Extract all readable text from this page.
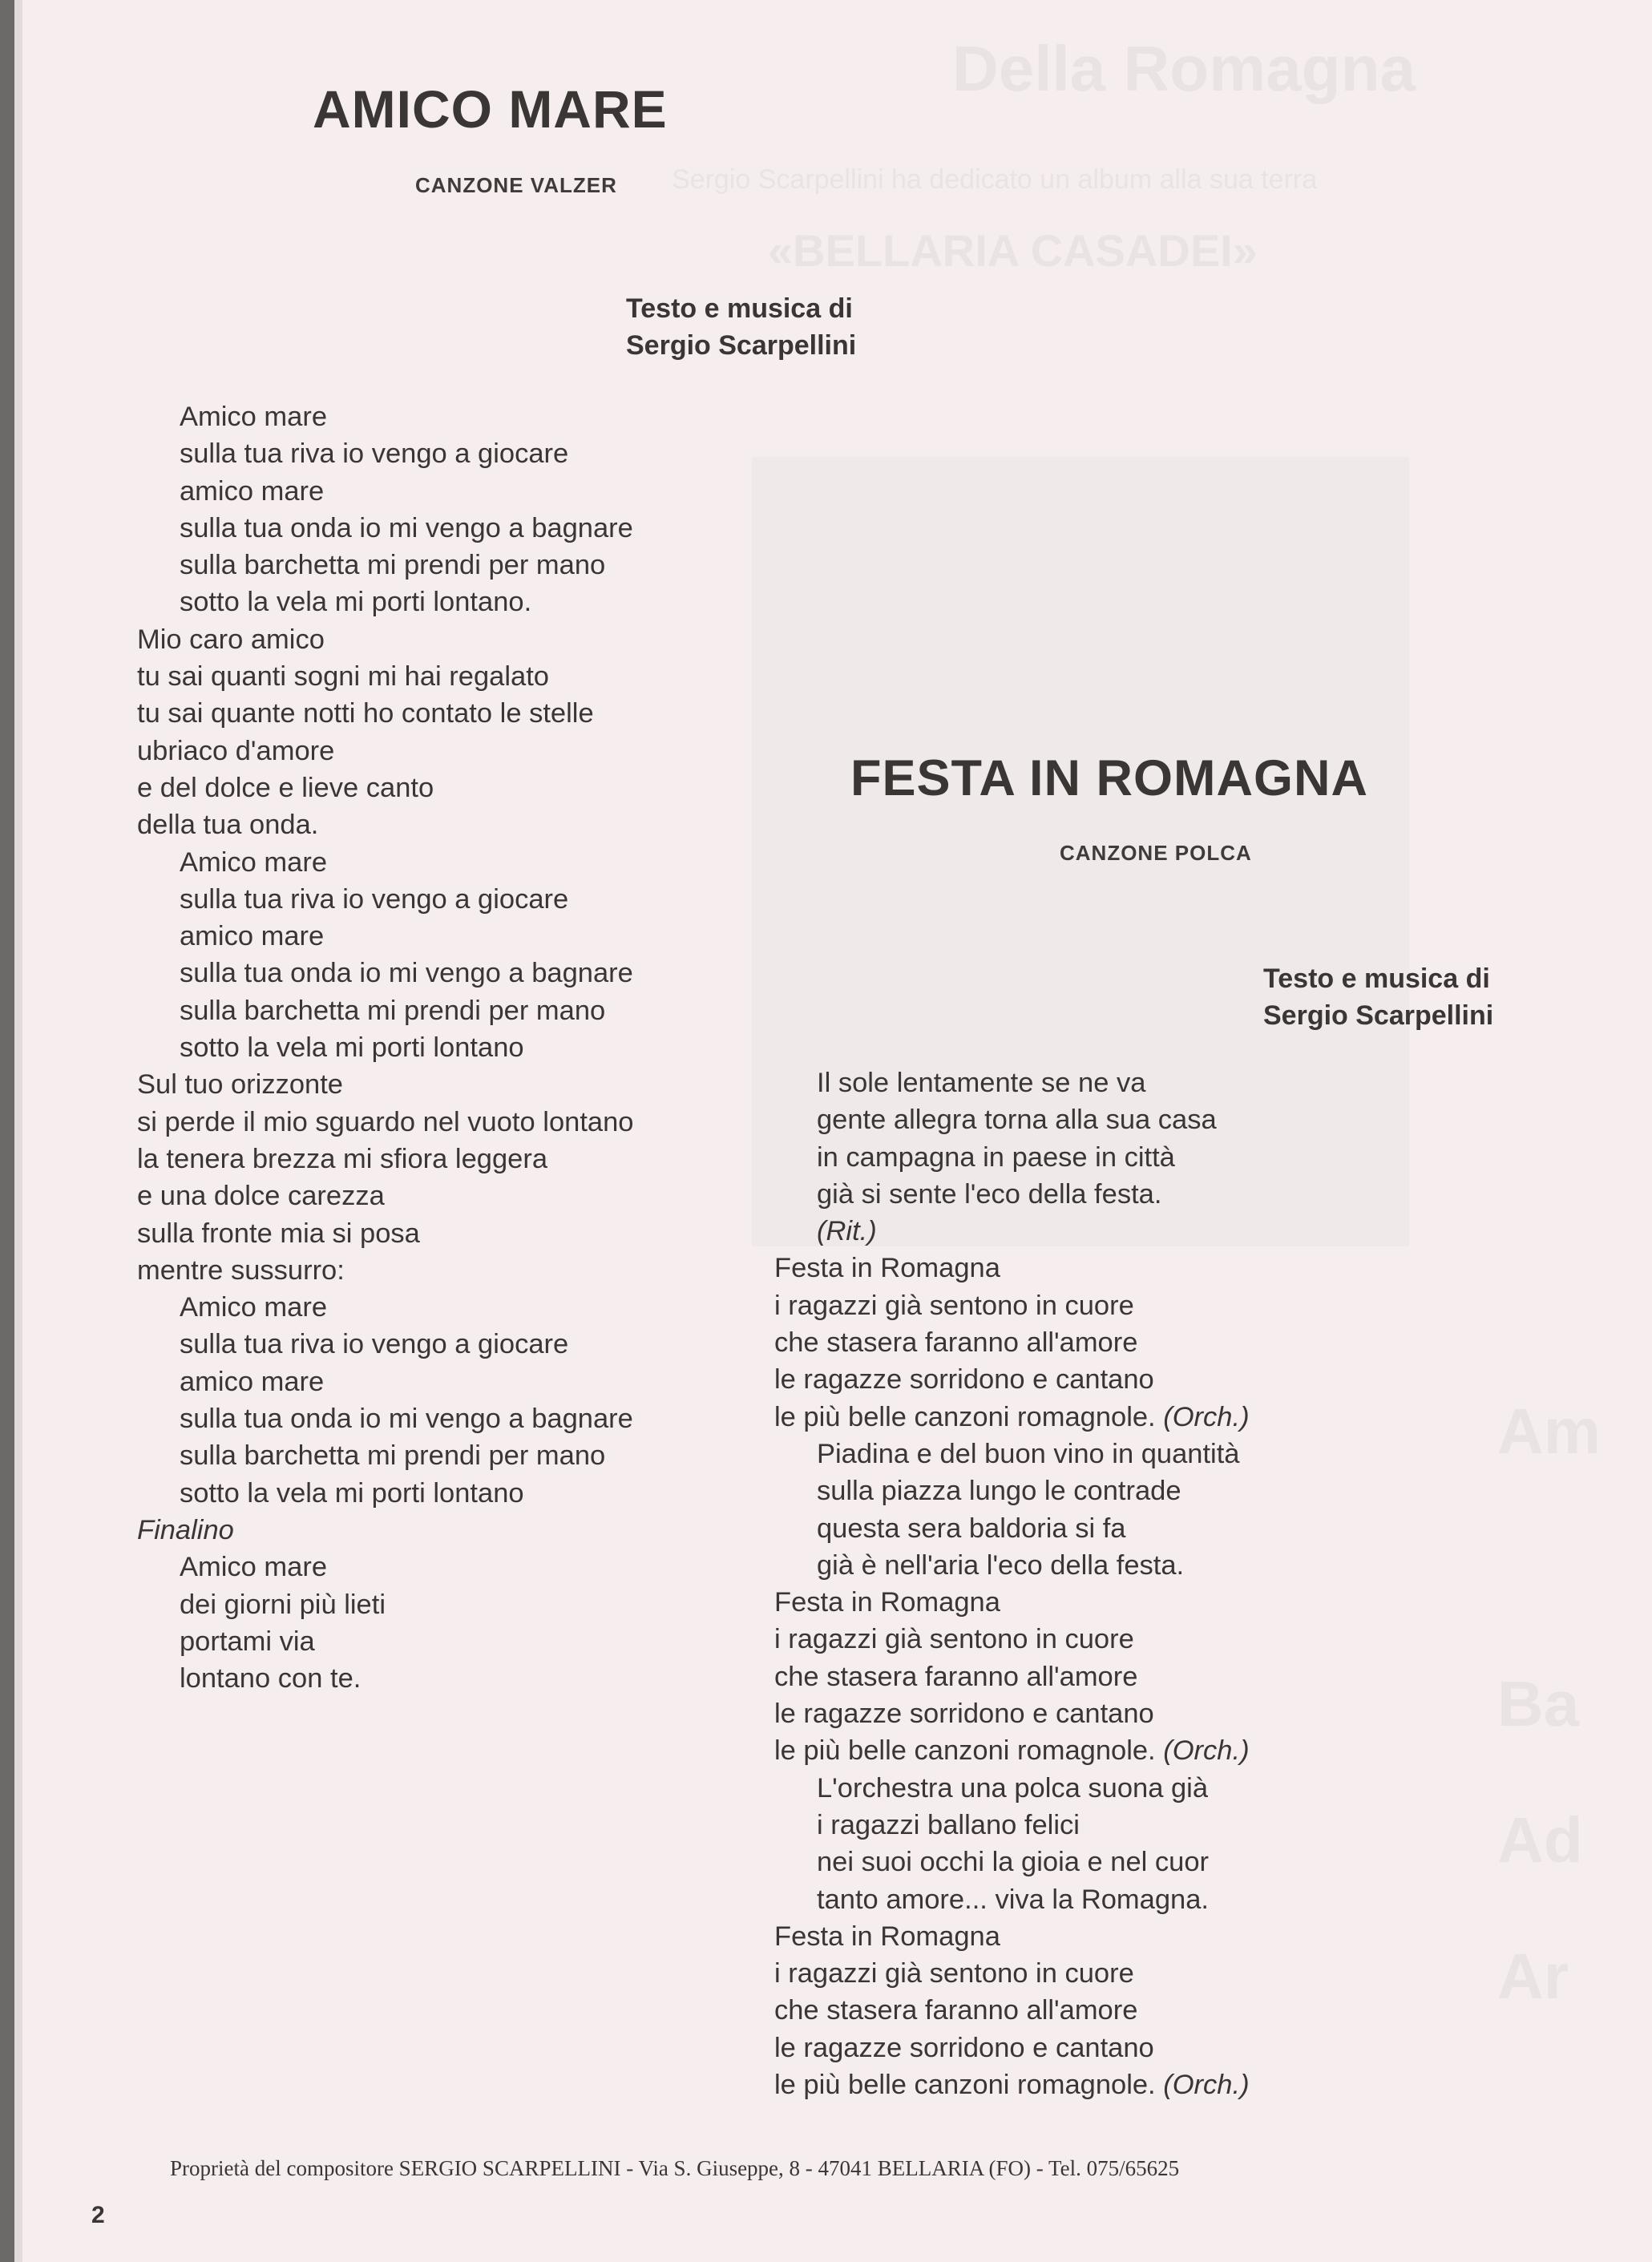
Della Romagna
Sergio Scarpellini ha dedicato un album alla sua terra
«BELLARIA CASADEI»
Am
Ba
Ad
Ar
AMICO MARE
CANZONE VALZER
Testo e musica di
Sergio Scarpellini
Amico mare
sulla tua riva io vengo a giocare
amico mare
sulla tua onda io mi vengo a bagnare
sulla barchetta mi prendi per mano
sotto la vela mi porti lontano.
Mio caro amico
tu sai quanti sogni mi hai regalato
tu sai quante notti ho contato le stelle
ubriaco d'amore
e del dolce e lieve canto
della tua onda.
Amico mare
sulla tua riva io vengo a giocare
amico mare
sulla tua onda io mi vengo a bagnare
sulla barchetta mi prendi per mano
sotto la vela mi porti lontano
Sul tuo orizzonte
si perde il mio sguardo nel vuoto lontano
la tenera brezza mi sfiora leggera
e una dolce carezza
sulla fronte mia si posa
mentre sussurro:
Amico mare
sulla tua riva io vengo a giocare
amico mare
sulla tua onda io mi vengo a bagnare
sulla barchetta mi prendi per mano
sotto la vela mi porti lontano
Finalino
Amico mare
dei giorni più lieti
portami via
lontano con te.
FESTA IN ROMAGNA
CANZONE POLCA
Testo e musica di
Sergio Scarpellini
Il sole lentamente se ne va
gente allegra torna alla sua casa
in campagna in paese in città
già si sente l'eco della festa.
(Rit.)
Festa in Romagna
i ragazzi già sentono in cuore
che stasera faranno all'amore
le ragazze sorridono e cantano
le più belle canzoni romagnole. (Orch.)
Piadina e del buon vino in quantità
sulla piazza lungo le contrade
questa sera baldoria si fa
già è nell'aria l'eco della festa.
Festa in Romagna
i ragazzi già sentono in cuore
che stasera faranno all'amore
le ragazze sorridono e cantano
le più belle canzoni romagnole. (Orch.)
L'orchestra una polca suona già
i ragazzi ballano felici
nei suoi occhi la gioia e nel cuor
tanto amore... viva la Romagna.
Festa in Romagna
i ragazzi già sentono in cuore
che stasera faranno all'amore
le ragazze sorridono e cantano
le più belle canzoni romagnole. (Orch.)
Proprietà del compositore SERGIO SCARPELLINI - Via S. Giuseppe, 8 - 47041 BELLARIA (FO) - Tel. 075/65625
2
